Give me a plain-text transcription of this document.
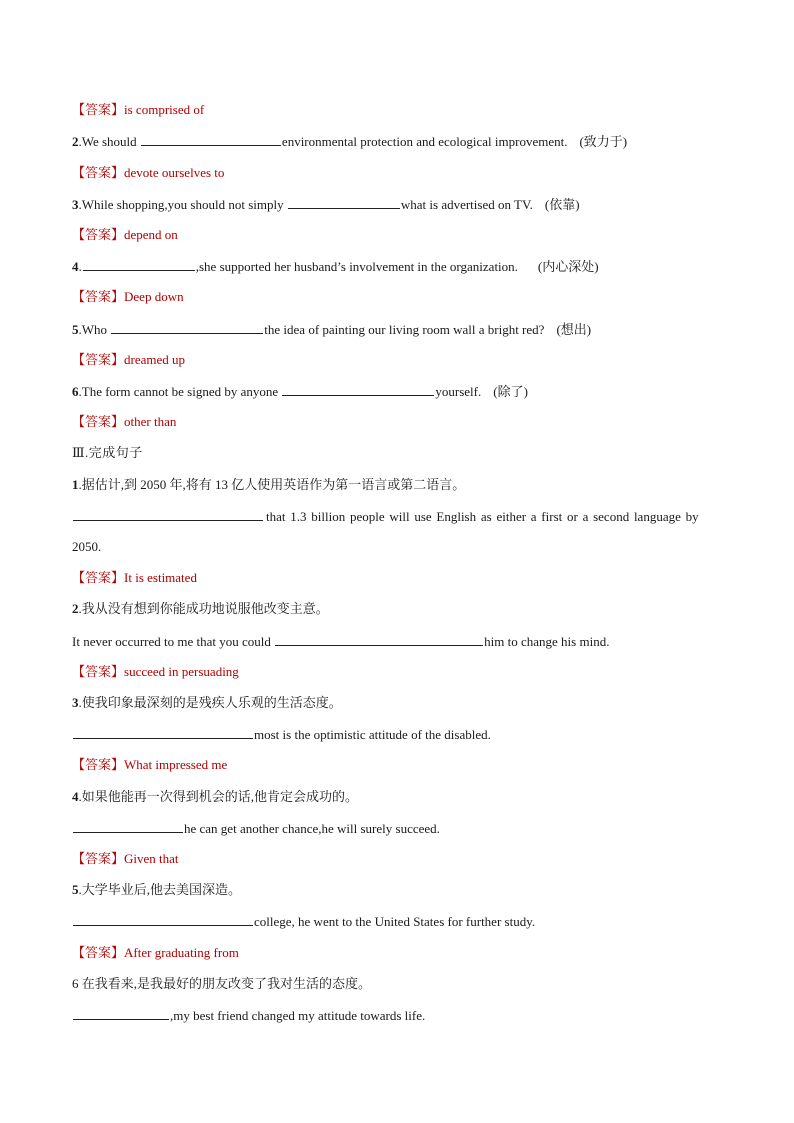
【答案】is comprised of
2.We should	environmental protection and ecological improvement. (致力于)
【答案】devote ourselves to
3.While shopping,you should not simply	what is advertised on TV. (依靠)
【答案】depend on
4.	,she supported her husband’s involvement in the organization. (内心深处)
【答案】Deep down
5.Who	the idea of painting our living room wall a bright red? (想出)
【答案】dreamed up
6.The form cannot be signed by anyone	yourself. (除了)
【答案】other than
Ⅲ.完成句子
1.据估计,到 2050 年,将有 13 亿人使用英语作为第一语言或第二语言。
that 1.3 billion people will use English as either a first or a second language by
2050.
【答案】It is estimated
2.我从没有想到你能成功地说服他改变主意。
It never occurred to me that you could	him to change his mind.
【答案】succeed in persuading
3.使我印象最深刻的是残疾人乐观的生活态度。
most is the optimistic attitude of the disabled.
【答案】What impressed me
4.如果他能再一次得到机会的话,他肯定会成功的。
he can get another chance,he will surely succeed.
【答案】Given that
5.大学毕业后,他去美国深造。
college, he went to the United States for further study.
【答案】After graduating from
6 在我看来,是我最好的朋友改变了我对生活的态度。
,my best friend changed my attitude towards life.
